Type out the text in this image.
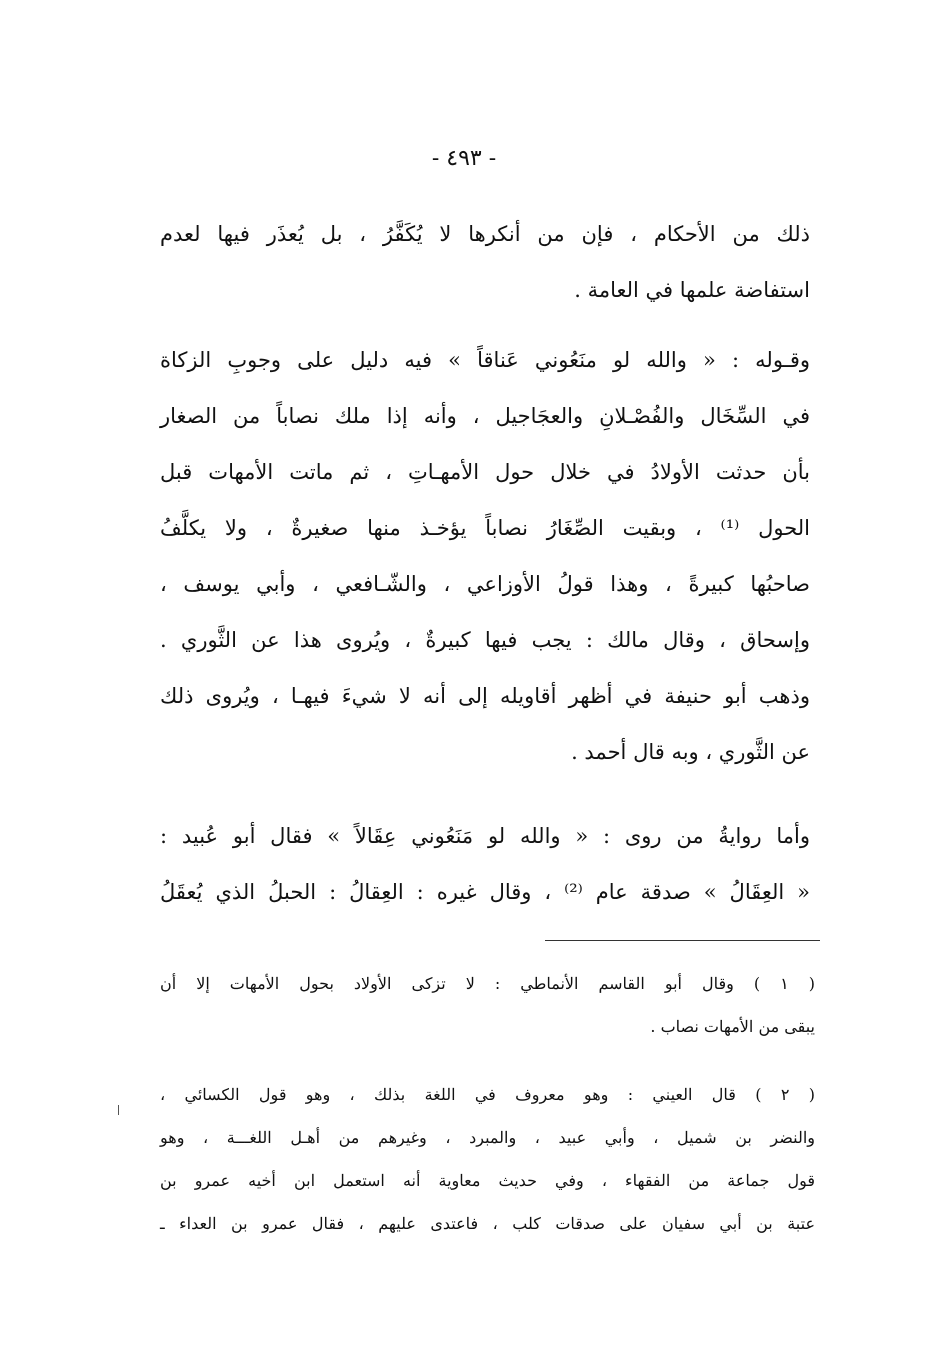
- ٤٩٣ -
ذلك من الأحكام ، فإن من أنكرها لا يُكَفَّرُ ، بل يُعذَر فيها لعدم
استفاضة علمها في العامة .
وقـوله : « والله لو منَعُوني عَناقاً » فيه دليل على وجوبِ الزكاة
في السِّخَال والفُصْـلانِ والعجَاجيل ، وأنه إذا ملك نصاباً من الصغار
بأن حدثت الأولادُ في خلال حول الأمهـاتِ ، ثم ماتت الأمهات قبل
الحول ⁽¹⁾ ، وبقيت الصِّغَارُ نصاباً يؤخـذ منها صغيرةٌ ، ولا يكلَّفُ
صاحبُها كبيرةً ، وهذا قولُ الأوزاعي ، والشّـافعي ، وأبي يوسف ،
وإسحاق ، وقال مالك : يجب فيها كبيرةٌ ، ويُروى هذا عن الثَّوري .
وذهب أبو حنيفة في أظهر أقاويله إلى أنه لا شيءَ فيهـا ، ويُروى ذلك
عن الثَّوري ، وبه قال أحمد .
وأما روايةُ من روى : « والله لو مَنَعُوني عِقَالاً » فقال أبو عُبيد :
« العِقَالُ » صدقة عام ⁽²⁾ ، وقال غيره : العِقالُ : الحبلُ الذي يُعقَلُ
( ١ ) وقال أبو القاسم الأنماطي : لا تزكى الأولاد بحول الأمهات إلا أن
يبقى من الأمهات نصاب .
( ٢ ) قال العيني : وهو معروف في اللغة بذلك ، وهو قول الكسائي ،
والنضر بن شميل ، وأبي عبيد ، والمبرد ، وغيرهم من أهـل اللغـــة ، وهو
قول جماعة من الفقهاء ، وفي حديث معاوية أنه استعمل ابن أخيه عمرو بن
عتبة بن أبي سفيان على صدقات كلب ، فاعتدى عليهم ، فقال عمرو بن العداء ـ
